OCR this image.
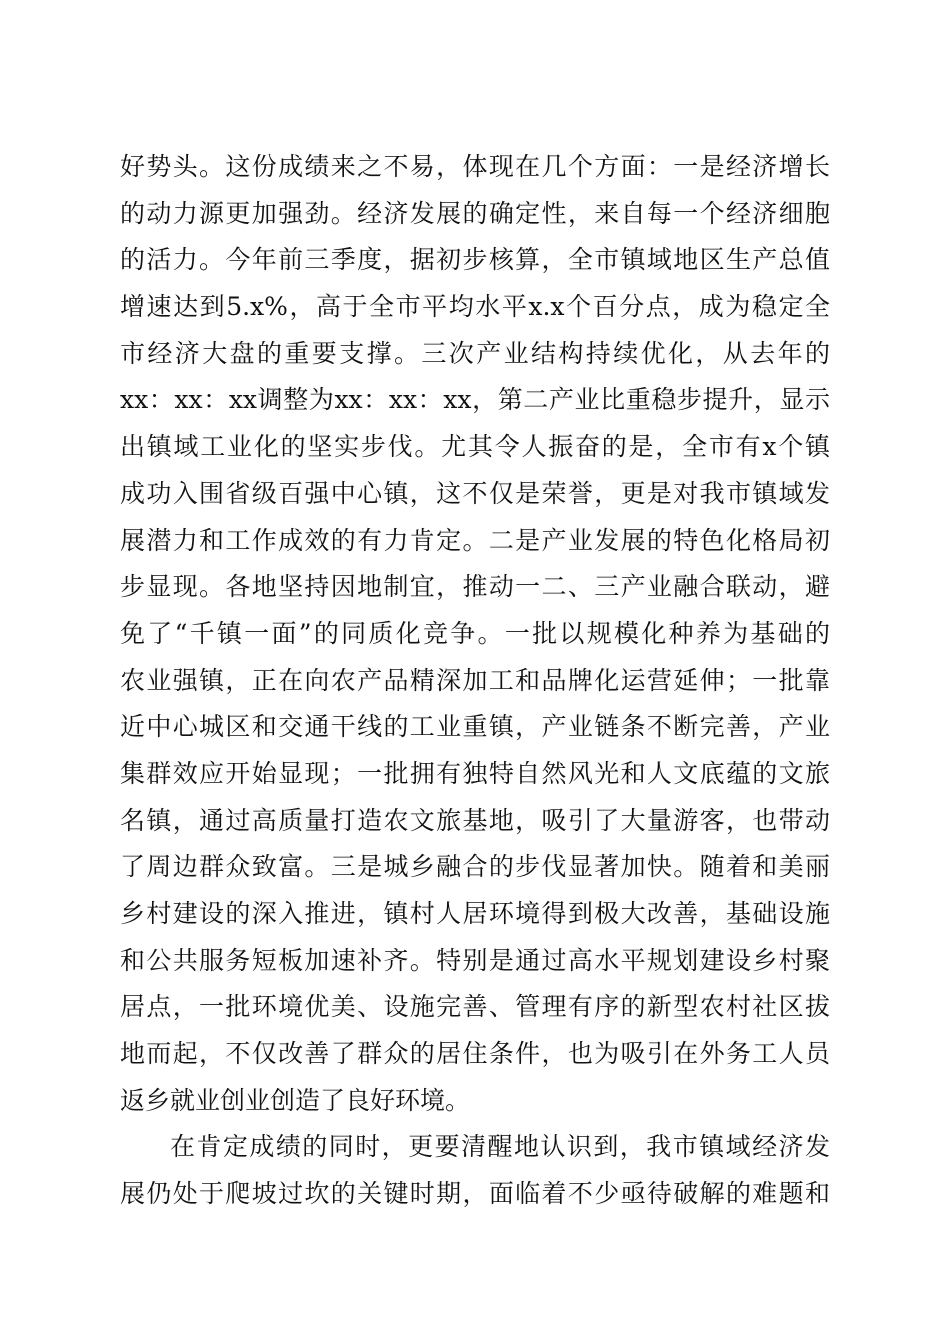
好势头。这份成绩来之不易，体现在几个方面：一是经济增长
的动力源更加强劲。经济发展的确定性，来自每一个经济细胞
的活力。今年前三季度，据初步核算，全市镇域地区生产总值
增速达到5.x%，高于全市平均水平x.x个百分点，成为稳定全
市经济大盘的重要支撑。三次产业结构持续优化，从去年的
xx：xx：xx调整为xx：xx：xx，第二产业比重稳步提升，显示
出镇域工业化的坚实步伐。尤其令人振奋的是，全市有x个镇
成功入围省级百强中心镇，这不仅是荣誉，更是对我市镇域发
展潜力和工作成效的有力肯定。二是产业发展的特色化格局初
步显现。各地坚持因地制宜，推动一二、三产业融合联动，避
免了“千镇一面”的同质化竞争。一批以规模化种养为基础的
农业强镇，正在向农产品精深加工和品牌化运营延伸；一批靠
近中心城区和交通干线的工业重镇，产业链条不断完善，产业
集群效应开始显现；一批拥有独特自然风光和人文底蕴的文旅
名镇，通过高质量打造农文旅基地，吸引了大量游客，也带动
了周边群众致富。三是城乡融合的步伐显著加快。随着和美丽
乡村建设的深入推进，镇村人居环境得到极大改善，基础设施
和公共服务短板加速补齐。特别是通过高水平规划建设乡村聚
居点，一批环境优美、设施完善、管理有序的新型农村社区拔
地而起，不仅改善了群众的居住条件，也为吸引在外务工人员
返乡就业创业创造了良好环境。
在肯定成绩的同时，更要清醒地认识到，我市镇域经济发
展仍处于爬坡过坎的关键时期，面临着不少亟待破解的难题和
